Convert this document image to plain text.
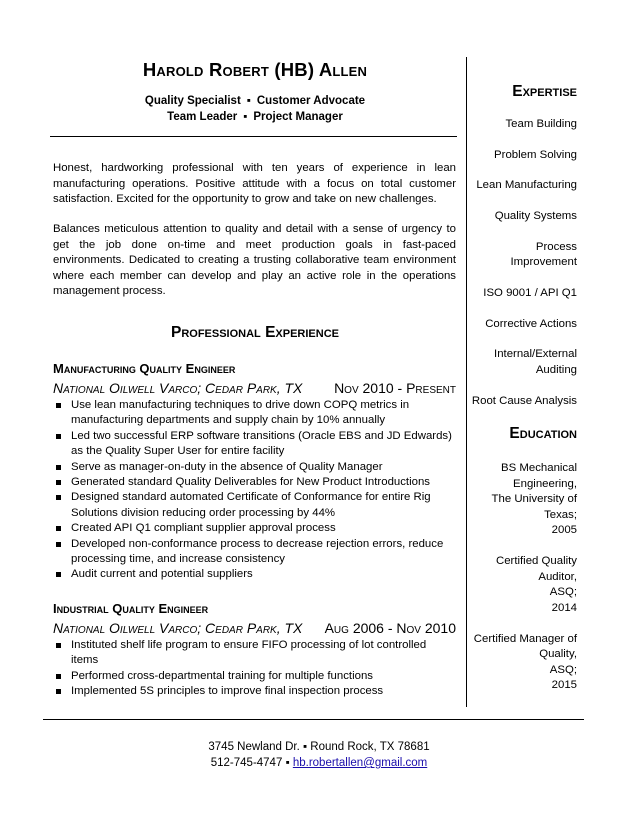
Harold Robert (HB) Allen
Quality Specialist ▪ Customer Advocate
Team Leader ▪ Project Manager

Honest, hardworking professional with ten years of experience in lean manufacturing operations. Positive attitude with a focus on total customer satisfaction. Excited for the opportunity to grow and take on new challenges.

Balances meticulous attention to quality and detail with a sense of urgency to get the job done on-time and meet production goals in fast-paced environments. Dedicated to creating a trusting collaborative team environment where each member can develop and play an active role in the operations management process.

Professional Experience
Manufacturing Quality Engineer
National Oilwell Varco; Cedar Park, TX Nov 2010 - Present
Use lean manufacturing techniques to drive down COPQ metrics in manufacturing departments and supply chain by 10% annually
Led two successful ERP software transitions (Oracle EBS and JD Edwards) as the Quality Super User for entire facility
Serve as manager-on-duty in the absence of Quality Manager
Generated standard Quality Deliverables for New Product Introductions
Designed standard automated Certificate of Conformance for entire Rig Solutions division reducing order processing by 44%
Created API Q1 compliant supplier approval process
Developed non-conformance process to decrease rejection errors, reduce processing time, and increase consistency
Audit current and potential suppliers
Industrial Quality Engineer
National Oilwell Varco; Cedar Park, TX Aug 2006 - Nov 2010
Instituted shelf life program to ensure FIFO processing of lot controlled items
Performed cross-departmental training for multiple functions
Implemented 5S principles to improve final inspection process
Expertise
Team Building
Problem Solving
Lean Manufacturing
Quality Systems
Process Improvement
ISO 9001 / API Q1
Corrective Actions
Internal/External Auditing
Root Cause Analysis
Education
BS Mechanical Engineering,
The University of Texas;
2005
Certified Quality Auditor,
ASQ;
2014
Certified Manager of Quality,
ASQ;
2015
3745 Newland Dr. ▪ Round Rock, TX 78681
512-745-4747 ▪ hb.robertallen@gmail.com
